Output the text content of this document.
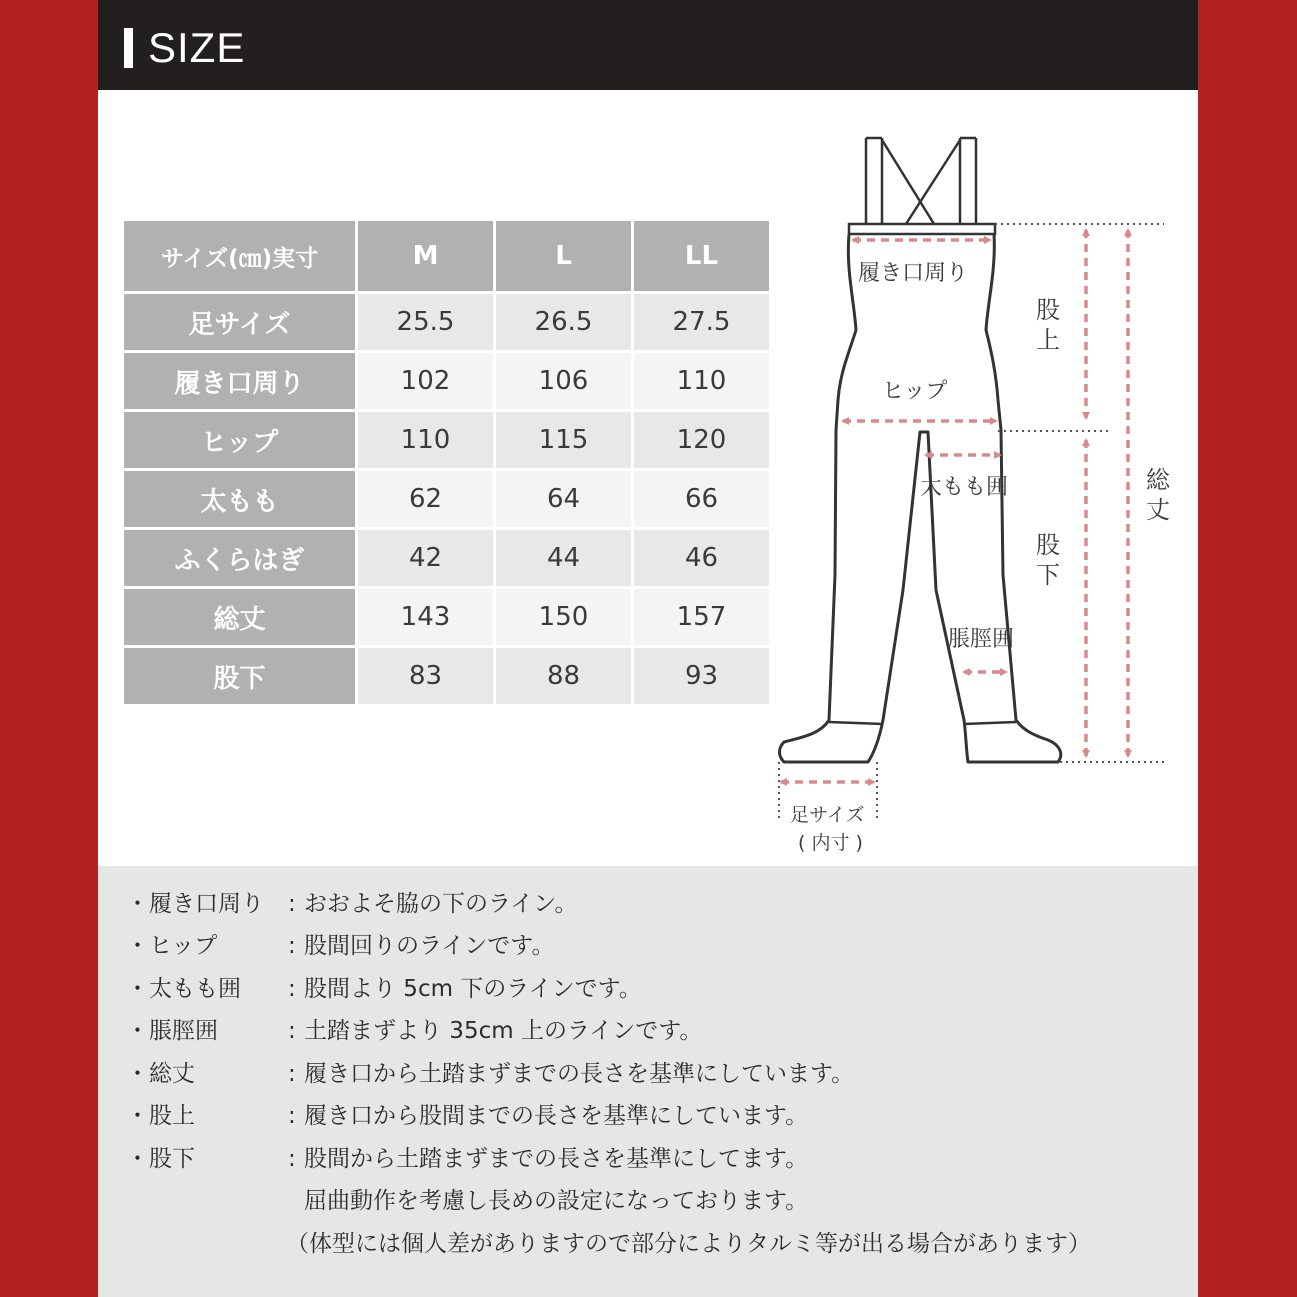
SIZE
サイズ(㎝)実寸	M	L	LL
足サイズ	25.5	26.5	27.5
履き口周り	102	106	110
ヒップ	110	115	120
太もも	62	64	66
ふくらはぎ	42	44	46
総丈	143	150	157
股下	83	88	93
履き口周り
ヒップ
太もも囲
脹脛囲
股上
股下
総丈
足サイズ
( 内寸 )
・履き口周り : おおよそ脇の下のライン。
・ヒップ	: 股間回りのラインです。
・太もも囲 : 股間より 5cm 下のラインです。
・脹脛囲	: 土踏まずより 35cm 上のラインです。
・総丈	: 履き口から土踏まずまでの長さを基準にしています。
・股上	: 履き口から股間までの長さを基準にしています。
・股下	: 股間から土踏まずまでの長さを基準にしてます。
屈曲動作を考慮し長めの設定になっております。
（体型には個人差がありますので部分によりタルミ等が出る場合があります）
